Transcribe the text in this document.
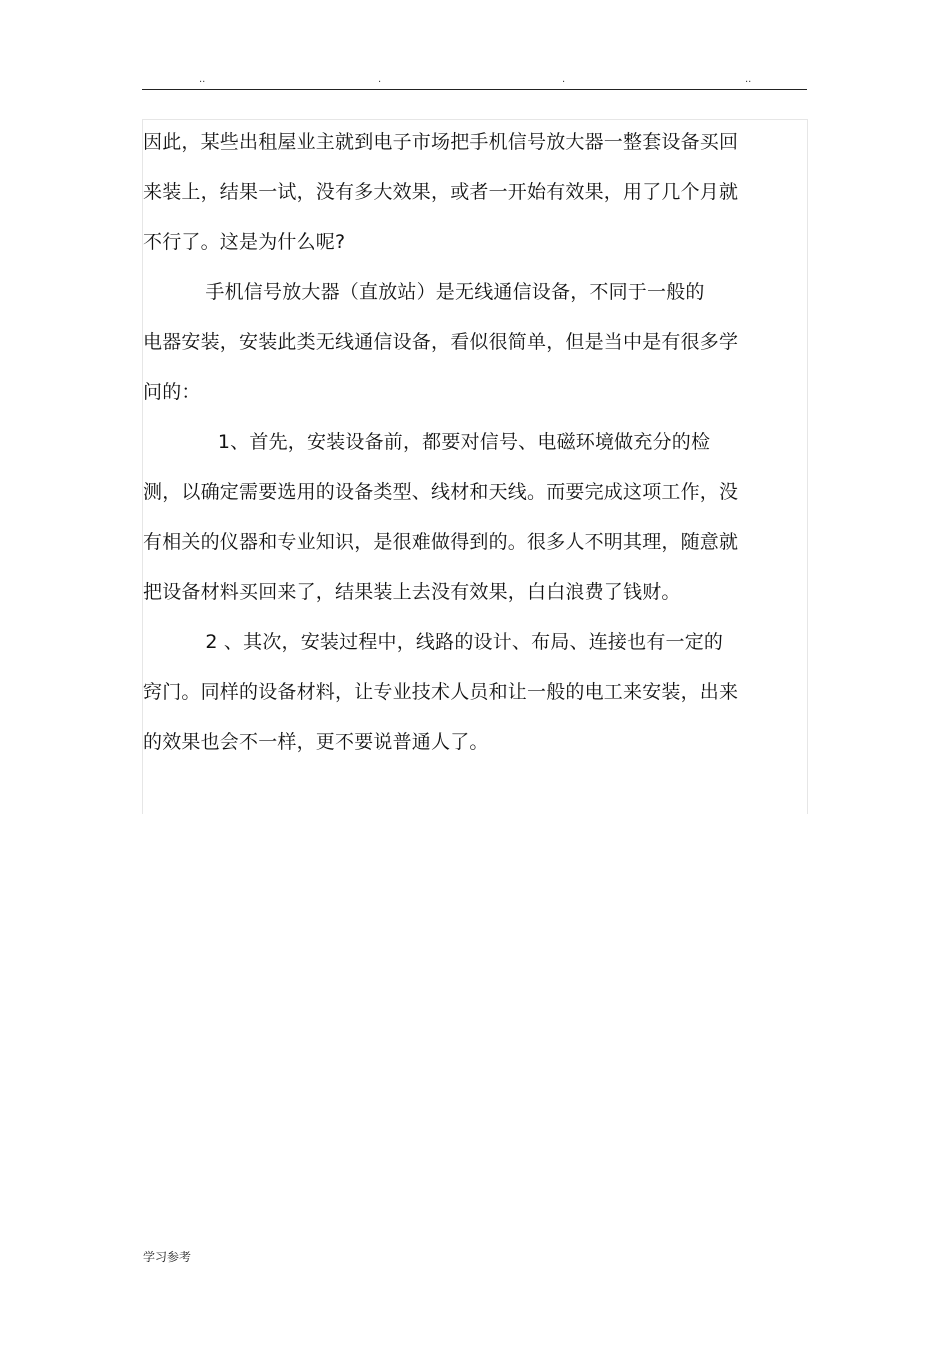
..	.	.	..
因此，某些出租屋业主就到电子市场把手机信号放大器一整套设备买回
来装上，结果一试，没有多大效果，或者一开始有效果，用了几个月就
不行了。这是为什么呢?
手机信号放大器（直放站）是无线通信设备，不同于一般的
电器安装，安装此类无线通信设备，看似很简单，但是当中是有很多学
问的：
1、首先，安装设备前，都要对信号、电磁环境做充分的检
测，以确定需要选用的设备类型、线材和天线。而要完成这项工作，没
有相关的仪器和专业知识，是很难做得到的。很多人不明其理，随意就
把设备材料买回来了，结果装上去没有效果，白白浪费了钱财。
2 、其次，安装过程中，线路的设计、布局、连接也有一定的
窍门。同样的设备材料，让专业技术人员和让一般的电工来安装，出来
的效果也会不一样，更不要说普通人了。
学习参考
